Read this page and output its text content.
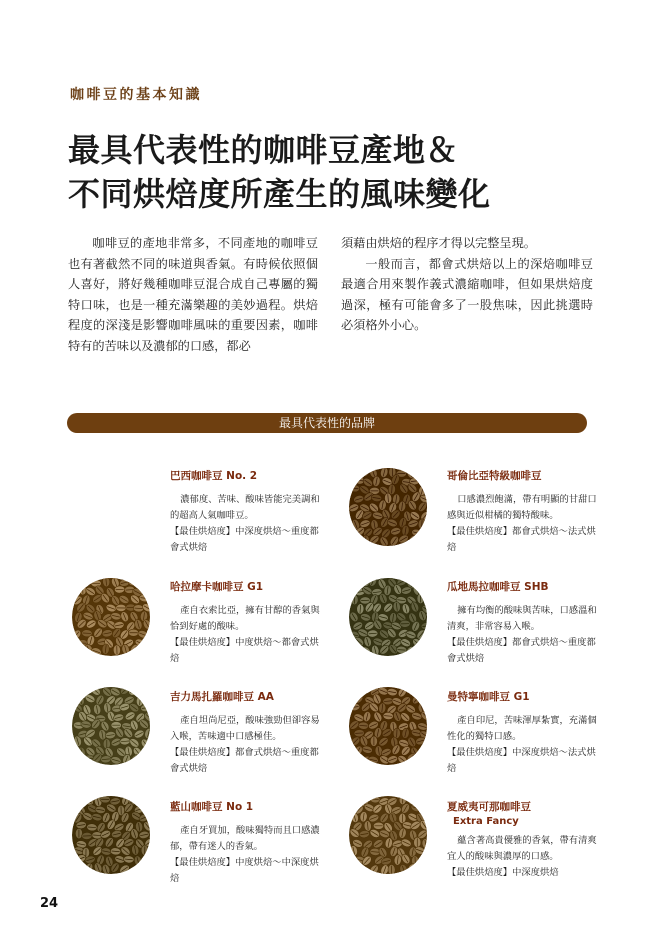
咖啡豆的基本知識
最具代表性的咖啡豆產地＆
不同烘焙度所產生的風味變化

咖啡豆的產地非常多，不同產地的咖啡豆也有著截然不同的味道與香氣。有時候依照個人喜好，將好幾種咖啡豆混合成自己專屬的獨特口味，也是一種充滿樂趣的美妙過程。烘焙程度的深淺是影響咖啡風味的重要因素，咖啡特有的苦味以及濃郁的口感，都必

須藉由烘焙的程序才得以完整呈現。

一般而言，都會式烘焙以上的深焙咖啡豆最適合用來製作義式濃縮咖啡，但如果烘焙度過深，極有可能會多了一股焦味，因此挑選時必須格外小心。

最具代表性的品牌
巴西咖啡豆 No. 2
濃郁度、苦味、酸味皆能完美調和的超高人氣咖啡豆。
【最佳烘焙度】中深度烘焙～重度都會式烘焙
哥倫比亞特級咖啡豆
口感濃烈飽滿，帶有明顯的甘甜口感與近似柑橘的獨特酸味。
【最佳烘焙度】都會式烘焙～法式烘焙
哈拉摩卡咖啡豆 G1
產自衣索比亞，擁有甘醇的香氣與恰到好處的酸味。
【最佳烘焙度】中度烘焙～都會式烘焙
瓜地馬拉咖啡豆 SHB
擁有均衡的酸味與苦味，口感溫和清爽，非常容易入喉。
【最佳烘焙度】都會式烘焙～重度都會式烘焙
吉力馬扎羅咖啡豆 AA
產自坦尚尼亞，酸味強勁但卻容易入喉，苦味適中口感極佳。
【最佳烘焙度】都會式烘焙～重度都會式烘焙
曼特寧咖啡豆 G1
產自印尼，苦味渾厚紮實，充滿個性化的獨特口感。
【最佳烘焙度】中深度烘焙～法式烘焙
藍山咖啡豆 No 1
產自牙買加，酸味獨特而且口感濃郁，帶有迷人的香氣。
【最佳烘焙度】中度烘焙～中深度烘焙
夏威夷可那咖啡豆
Extra Fancy
蘊含著高貴優雅的香氣，帶有清爽宜人的酸味與濃厚的口感。
【最佳烘焙度】中深度烘焙
24
